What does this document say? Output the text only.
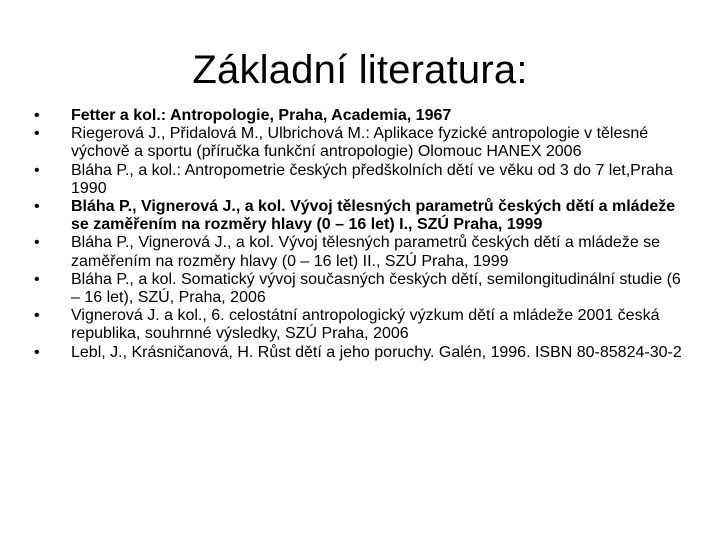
Základní literatura:
•	Fetter a kol.: Antropologie, Praha, Academia, 1967
•	Riegerová J., Přidalová M., Ulbrichová M.: Aplikace fyzické antropologie v tělesné výchově a sportu (příručka funkční antropologie) Olomouc HANEX 2006
•	Bláha P., a kol.: Antropometrie českých předškolních dětí ve věku od 3 do 7 let,Praha 1990
•	Bláha P., Vignerová J., a kol. Vývoj tělesných parametrů českých dětí a mládeže se zaměřením na rozměry hlavy (0 – 16 let) I., SZÚ Praha, 1999
•	Bláha P., Vignerová J., a kol. Vývoj tělesných parametrů českých dětí a mládeže se zaměřením na rozměry hlavy (0 – 16 let) II., SZÚ Praha, 1999
•	Bláha P., a kol. Somatický vývoj současných českých dětí, semilongitudinální studie (6 – 16 let), SZÚ, Praha, 2006
•	Vignerová J. a kol., 6. celostátní antropologický výzkum dětí a mládeže 2001 česká republika, souhrnné výsledky, SZÚ Praha, 2006
•	Lebl, J., Krásničanová, H. Růst dětí a jeho poruchy. Galén, 1996. ISBN 80-85824-30-2
